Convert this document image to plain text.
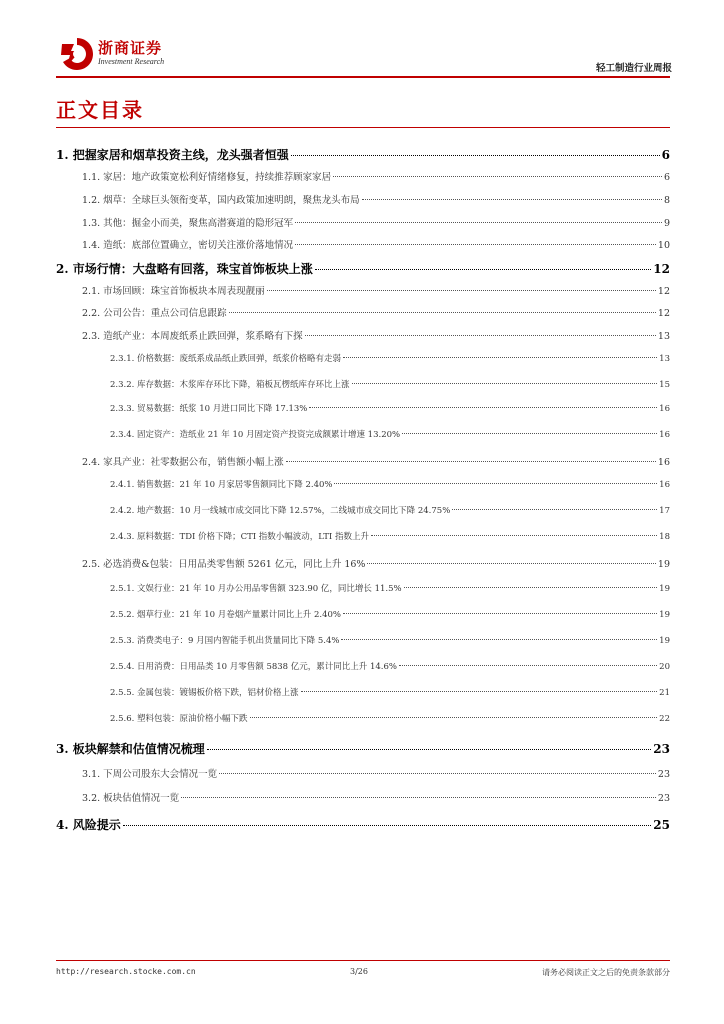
浙商证券
Investment Research
轻工制造行业周报
正文目录
1. 把握家居和烟草投资主线，龙头强者恒强	6
1.1. 家居：地产政策宽松利好情绪修复，持续推荐顾家家居	6
1.2. 烟草：全球巨头领衔变革，国内政策加速明朗，聚焦龙头布局	8
1.3. 其他：掘金小而美，聚焦高潜赛道的隐形冠军	9
1.4. 造纸：底部位置确立，密切关注涨价落地情况	10
2. 市场行情：大盘略有回落，珠宝首饰板块上涨	12
2.1. 市场回顾：珠宝首饰板块本周表现靓丽	12
2.2. 公司公告：重点公司信息跟踪	12
2.3. 造纸产业：本周废纸系止跌回弹，浆系略有下探	13
2.3.1. 价格数据：废纸系成品纸止跌回弹，纸浆价格略有走弱	13
2.3.2. 库存数据：木浆库存环比下降，箱板瓦楞纸库存环比上涨	15
2.3.3. 贸易数据：纸浆 10 月进口同比下降 17.13%	16
2.3.4. 固定资产：造纸业 21 年 10 月固定资产投资完成额累计增速 13.20%	16
2.4. 家具产业：社零数据公布，销售额小幅上涨	16
2.4.1. 销售数据：21 年 10 月家居零售额同比下降 2.40%	16
2.4.2. 地产数据：10 月一线城市成交同比下降 12.57%，二线城市成交同比下降 24.75%	17
2.4.3. 原料数据：TDI 价格下降；CTI 指数小幅波动，LTI 指数上升	18
2.5. 必选消费&包装：日用品类零售额 5261 亿元，同比上升 16%	19
2.5.1. 文娱行业：21 年 10 月办公用品零售额 323.90 亿，同比增长 11.5%	19
2.5.2. 烟草行业：21 年 10 月卷烟产量累计同比上升 2.40%	19
2.5.3. 消费类电子：9 月国内智能手机出货量同比下降 5.4%	19
2.5.4. 日用消费：日用品类 10 月零售额 5838 亿元，累计同比上升 14.6%	20
2.5.5. 金属包装：镀锡板价格下跌，铝材价格上涨	21
2.5.6. 塑料包装：原油价格小幅下跌	22
3. 板块解禁和估值情况梳理	23
3.1. 下周公司股东大会情况一览	23
3.2. 板块估值情况一览	23
4. 风险提示	25
http://research.stocke.com.cn	3/26	请务必阅读正文之后的免责条款部分
